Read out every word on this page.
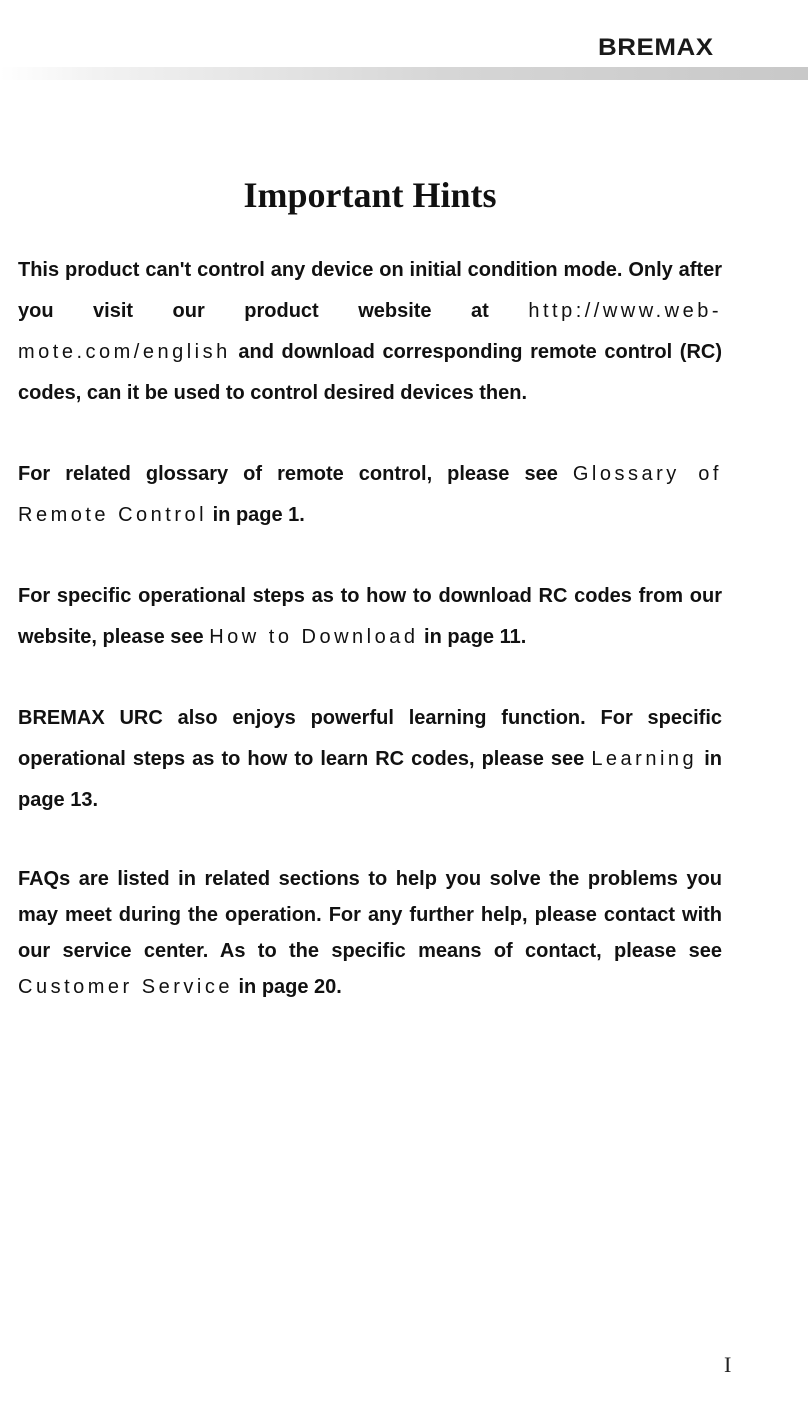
BREMAX
Important Hints

This product can't control any device on initial condition mode. Only after you visit our product website at http://www.web-mote.com/english and download corresponding remote control (RC) codes, can it be used to control desired devices then.

For related glossary of remote control, please see Glossary of Remote Control in page 1.

For specific operational steps as to how to download RC codes from our website, please see How to Download in page 11.

BREMAX URC also enjoys powerful learning function. For specific operational steps as to how to learn RC codes, please see Learning in page 13.

FAQs are listed in related sections to help you solve the problems you may meet during the operation. For any further help, please contact with our service center. As to the specific means of contact, please see Customer Service in page 20.

I
